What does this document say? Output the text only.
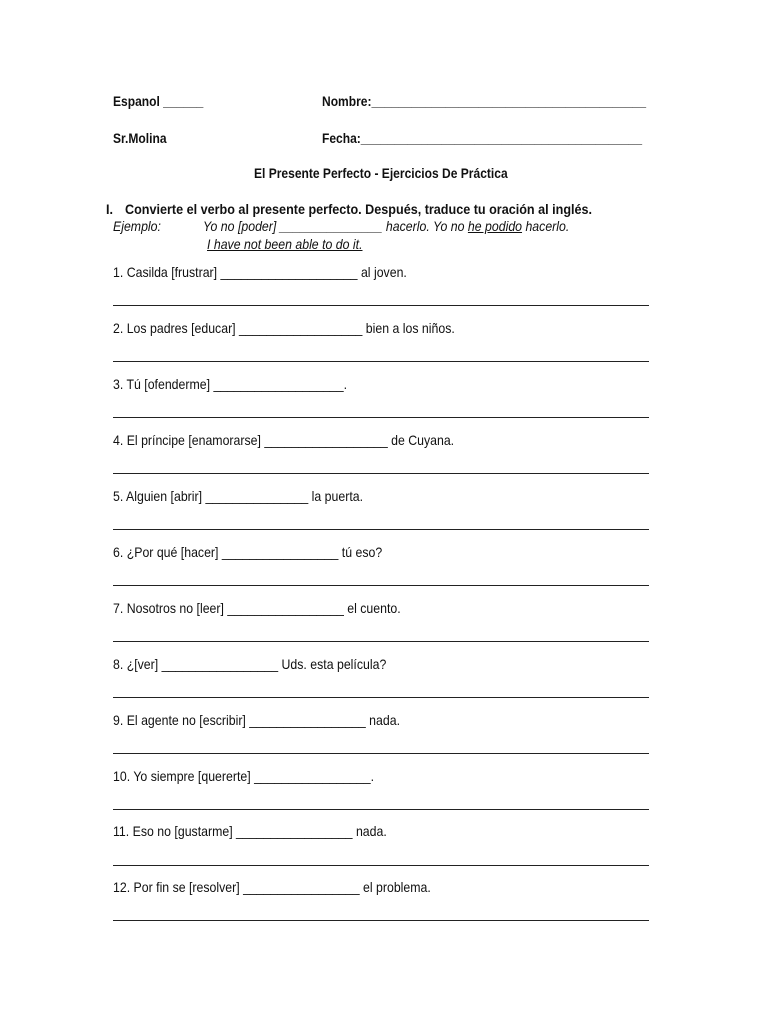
Espanol ______	Nombre:_________________________________________
Sr.Molina	Fecha:__________________________________________
El Presente Perfecto - Ejercicios De Práctica
I. Convierte el verbo al presente perfecto. Después, traduce tu oración al inglés.
Ejemplo:	Yo no [poder] _______________ hacerlo. Yo no he podido hacerlo.
I have not been able to do it.
1. Casilda [frustrar] ____________________ al joven.
2. Los padres [educar] __________________ bien a los niños.
3. Tú [ofenderme] ___________________.
4. El príncipe [enamorarse] __________________ de Cuyana.
5. Alguien [abrir] _______________ la puerta.
6. ¿Por qué [hacer] _________________ tú eso?
7. Nosotros no [leer] _________________ el cuento.
8. ¿[ver] _________________ Uds. esta película?
9. El agente no [escribir] _________________ nada.
10. Yo siempre [quererte] _________________.
11. Eso no [gustarme] _________________ nada.
12. Por fin se [resolver] _________________ el problema.
